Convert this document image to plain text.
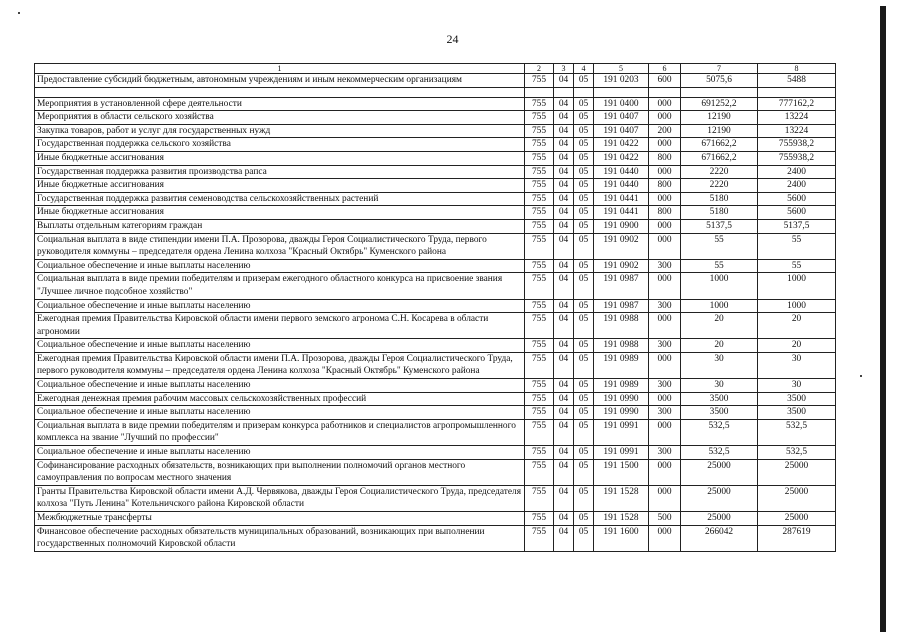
24
1	2	3	4	5	6	7	8
Предоставление субсидий бюджетным, автономным учреждениям и иным некоммерческим организациям	755	04	05	191 0203	600	5075,6	5488

Мероприятия в установленной сфере деятельности	755	04	05	191 0400	000	691252,2	777162,2
Мероприятия в области сельского хозяйства	755	04	05	191 0407	000	12190	13224
Закупка товаров, работ и услуг для государственных нужд	755	04	05	191 0407	200	12190	13224
Государственная поддержка сельского хозяйства	755	04	05	191 0422	000	671662,2	755938,2
Иные бюджетные ассигнования	755	04	05	191 0422	800	671662,2	755938,2
Государственная поддержка развития производства рапса	755	04	05	191 0440	000	2220	2400
Иные бюджетные ассигнования	755	04	05	191 0440	800	2220	2400
Государственная поддержка развития семеноводства сельскохозяйственных растений	755	04	05	191 0441	000	5180	5600
Иные бюджетные ассигнования	755	04	05	191 0441	800	5180	5600
Выплаты отдельным категориям граждан	755	04	05	191 0900	000	5137,5	5137,5
Социальная выплата в виде стипендии имени П.А. Прозорова, дважды Героя Социалистического Труда, первого руководителя коммуны – председателя ордена Ленина колхоза "Красный Октябрь" Куменского района	755	04	05	191 0902	000	55	55
Социальное обеспечение и иные выплаты населению	755	04	05	191 0902	300	55	55
Социальная выплата в виде премии победителям и призерам ежегодного областного конкурса на присвоение звания "Лучшее личное подсобное хозяйство"	755	04	05	191 0987	000	1000	1000
Социальное обеспечение и иные выплаты населению	755	04	05	191 0987	300	1000	1000
Ежегодная премия Правительства Кировской области имени первого земского агронома С.Н. Косарева в области агрономии	755	04	05	191 0988	000	20	20
Социальное обеспечение и иные выплаты населению	755	04	05	191 0988	300	20	20
Ежегодная премия Правительства Кировской области имени П.А. Прозорова, дважды Героя Социалистического Труда, первого руководителя коммуны – председателя ордена Ленина колхоза "Красный Октябрь" Куменского района	755	04	05	191 0989	000	30	30
Социальное обеспечение и иные выплаты населению	755	04	05	191 0989	300	30	30
Ежегодная денежная премия рабочим массовых сельскохозяйственных профессий	755	04	05	191 0990	000	3500	3500
Социальное обеспечение и иные выплаты населению	755	04	05	191 0990	300	3500	3500
Социальная выплата в виде премии победителям и призерам конкурса работников и специалистов агропромышленного комплекса на звание "Лучший по профессии"	755	04	05	191 0991	000	532,5	532,5
Социальное обеспечение и иные выплаты населению	755	04	05	191 0991	300	532,5	532,5
Софинансирование расходных обязательств, возникающих при выполнении полномочий органов местного самоуправления по вопросам местного значения	755	04	05	191 1500	000	25000	25000
Гранты Правительства Кировской области имени А.Д. Червякова, дважды Героя Социалистического Труда, председателя колхоза "Путь Ленина" Котельничского района Кировской области	755	04	05	191 1528	000	25000	25000
Межбюджетные трансферты	755	04	05	191 1528	500	25000	25000
Финансовое обеспечение расходных обязательств муниципальных образований, возникающих при выполнении государственных полномочий Кировской области	755	04	05	191 1600	000	266042	287619
